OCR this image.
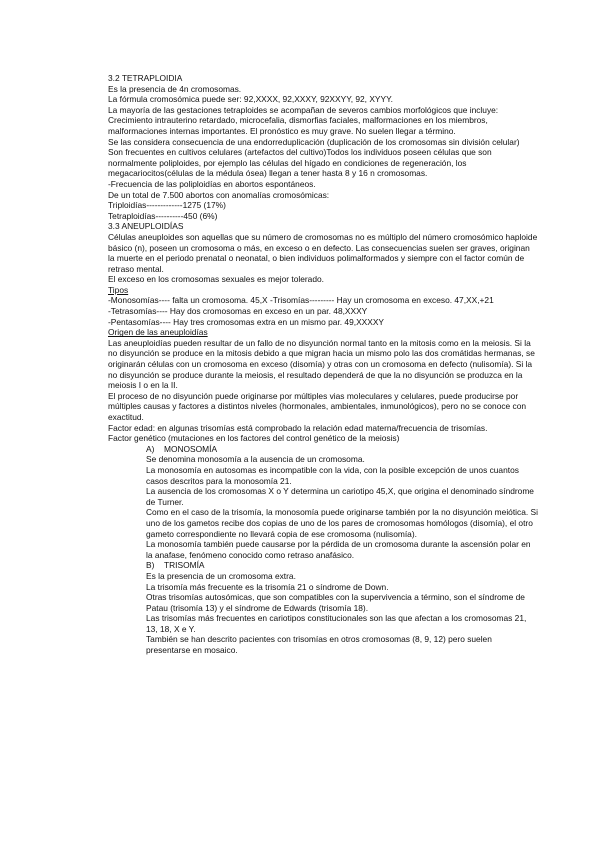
3.2 TETRAPLOIDIA

Es la presencia de 4n cromosomas.

La fórmula cromosómica puede ser: 92,XXXX, 92,XXXY, 92XXYY, 92, XYYY.

La mayoría de las gestaciones tetraploides se acompañan de severos cambios morfológicos que incluye:

Crecimiento intrauterino retardado, microcefalia, dismorfias faciales, malformaciones en los miembros, malformaciones internas importantes. El pronóstico es muy grave. No suelen llegar a término.

Se las considera consecuencia de una endorreduplicación (duplicación de los cromosomas sin división celular)

Son frecuentes en cultivos celulares (artefactos del cultivo)Todos los individuos poseen células que son normalmente poliploides, por ejemplo las células del hígado en condiciones de regeneración, los megacariocitos(células de la médula ósea) llegan a tener hasta 8 y 16 n cromosomas.

-Frecuencia de las poliploidías en abortos espontáneos.

De un total de 7.500 abortos con anomalías cromosómicas:

Triploidías-------------1275 (17%)

Tetraploidías----------450 (6%)

3.3 ANEUPLOIDÍAS

Células aneuploides son aquellas que su número de cromosomas no es múltiplo del número cromosómico haploide básico (n), poseen un cromosoma o más, en exceso o en defecto. Las consecuencias suelen ser graves, originan la muerte en el periodo prenatal o neonatal, o bien individuos polimalformados y siempre con el factor común de retraso mental.

El exceso en los cromosomas sexuales es mejor tolerado.

Tipos

-Monosomías---- falta un cromosoma. 45,X -Trisomías--------- Hay un cromosoma en exceso. 47,XX,+21

-Tetrasomías---- Hay dos cromosomas en exceso en un par. 48,XXXY

-Pentasomías---- Hay tres cromosomas extra en un mismo par. 49,XXXXY

Origen de las aneuploidías

Las aneuploidías pueden resultar de un fallo de no disyunción normal tanto en la mitosis como en la meiosis. Si la no disyunción se produce en la mitosis debido a que migran hacia un mismo polo las dos cromátidas hermanas, se originarán células con un cromosoma en exceso (disomía) y otras con un cromosoma en defecto (nulisomía). Si la no disyunción se produce durante la meiosis, el resultado dependerá de que la no disyunción se produzca en la meiosis I o en la II.

El proceso de no disyunción puede originarse por múltiples vias moleculares y celulares, puede producirse por múltiples causas y factores a distintos niveles (hormonales, ambientales, inmunológicos), pero no se conoce con exactitud.

Factor edad: en algunas trisomías está comprobado la relación edad materna/frecuencia de trisomías.

Factor genético (mutaciones en los factores del control genético de la meiosis)

A) MONOSOMÍA

Se denomina monosomía a la ausencia de un cromosoma.

La monosomía en autosomas es incompatible con la vida, con la posible excepción de unos cuantos casos descritos para la monosomía 21.

La ausencia de los cromosomas X o Y determina un cariotipo 45,X, que origina el denominado síndrome de Turner.

Como en el caso de la trisomía, la monosomía puede originarse también por la no disyunción meiótica. Si uno de los gametos recibe dos copias de uno de los pares de cromosomas homólogos (disomía), el otro gameto correspondiente no llevará copia de ese cromosoma (nulisomía).

La monosomía también puede causarse por la pérdida de un cromosoma durante la ascensión polar en la anafase, fenómeno conocido como retraso anafásico.

B) TRISOMÍA

Es la presencia de un cromosoma extra.

La trisomía más frecuente es la trisomía 21 o síndrome de Down.

Otras trisomías autosómicas, que son compatibles con la supervivencia a término, son el síndrome de Patau (trisomía 13) y el síndrome de Edwards (trisomía 18).

Las trisomías más frecuentes en cariotipos constitucionales son las que afectan a los cromosomas 21, 13, 18, X e Y.

También se han descrito pacientes con trisomías en otros cromosomas (8, 9, 12) pero suelen presentarse en mosaico.
